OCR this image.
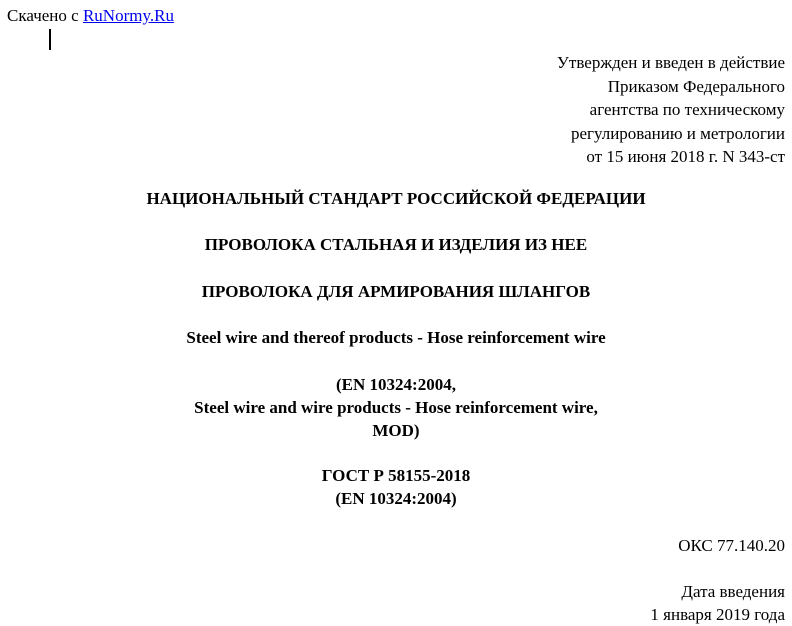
Скачено с RuNormy.Ru
Утвержден и введен в действие
Приказом Федерального
агентства по техническому
регулированию и метрологии
от 15 июня 2018 г. N 343-ст
НАЦИОНАЛЬНЫЙ СТАНДАРТ РОССИЙСКОЙ ФЕДЕРАЦИИ
ПРОВОЛОКА СТАЛЬНАЯ И ИЗДЕЛИЯ ИЗ НЕЕ
ПРОВОЛОКА ДЛЯ АРМИРОВАНИЯ ШЛАНГОВ
Steel wire and thereof products - Hose reinforcement wire
(EN 10324:2004,
Steel wire and wire products - Hose reinforcement wire,
MOD)
ГОСТ Р 58155-2018
(EN 10324:2004)
ОКС 77.140.20
Дата введения
1 января 2019 года
